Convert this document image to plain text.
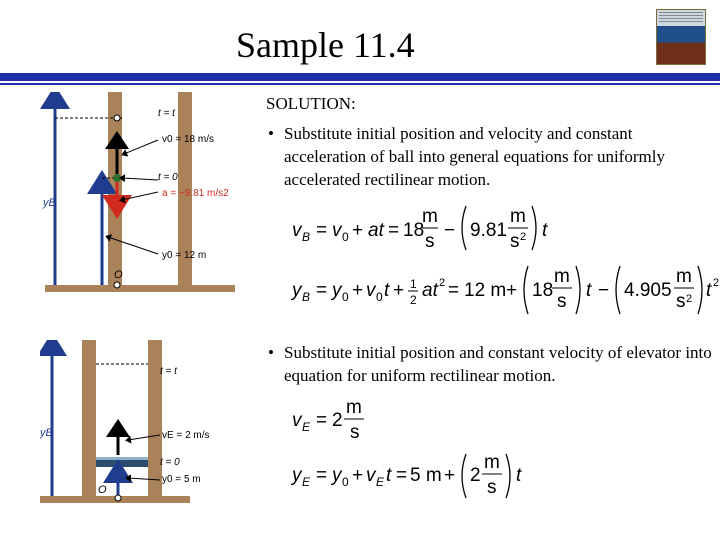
Sample 11.4
t = t
v0 = 18 m/s
t = 0
a = −9.81 m/s2
yB
y0 = 12 m
O
t = t
yE	vE = 2 m/s
t = 0
O
y0 = 5 m
SOLUTION:
• Substitute initial position and velocity and constant acceleration of ball into general equations for uniformly accelerated rectilinear motion.
• Substitute initial position and constant velocity of elevator into equation for uniform rectilinear motion.
v B = v 0 + at = 18
m
s
− 9.81
m
s 2 t
y B = y 0 + v 0 t + 1
2 at 2 = 12 m + 18
m
s
t − 4.905
m
s 2 t 2
v E = 2
m
s
y E = y 0 + v E t = 5 m + 2
m
s
t
